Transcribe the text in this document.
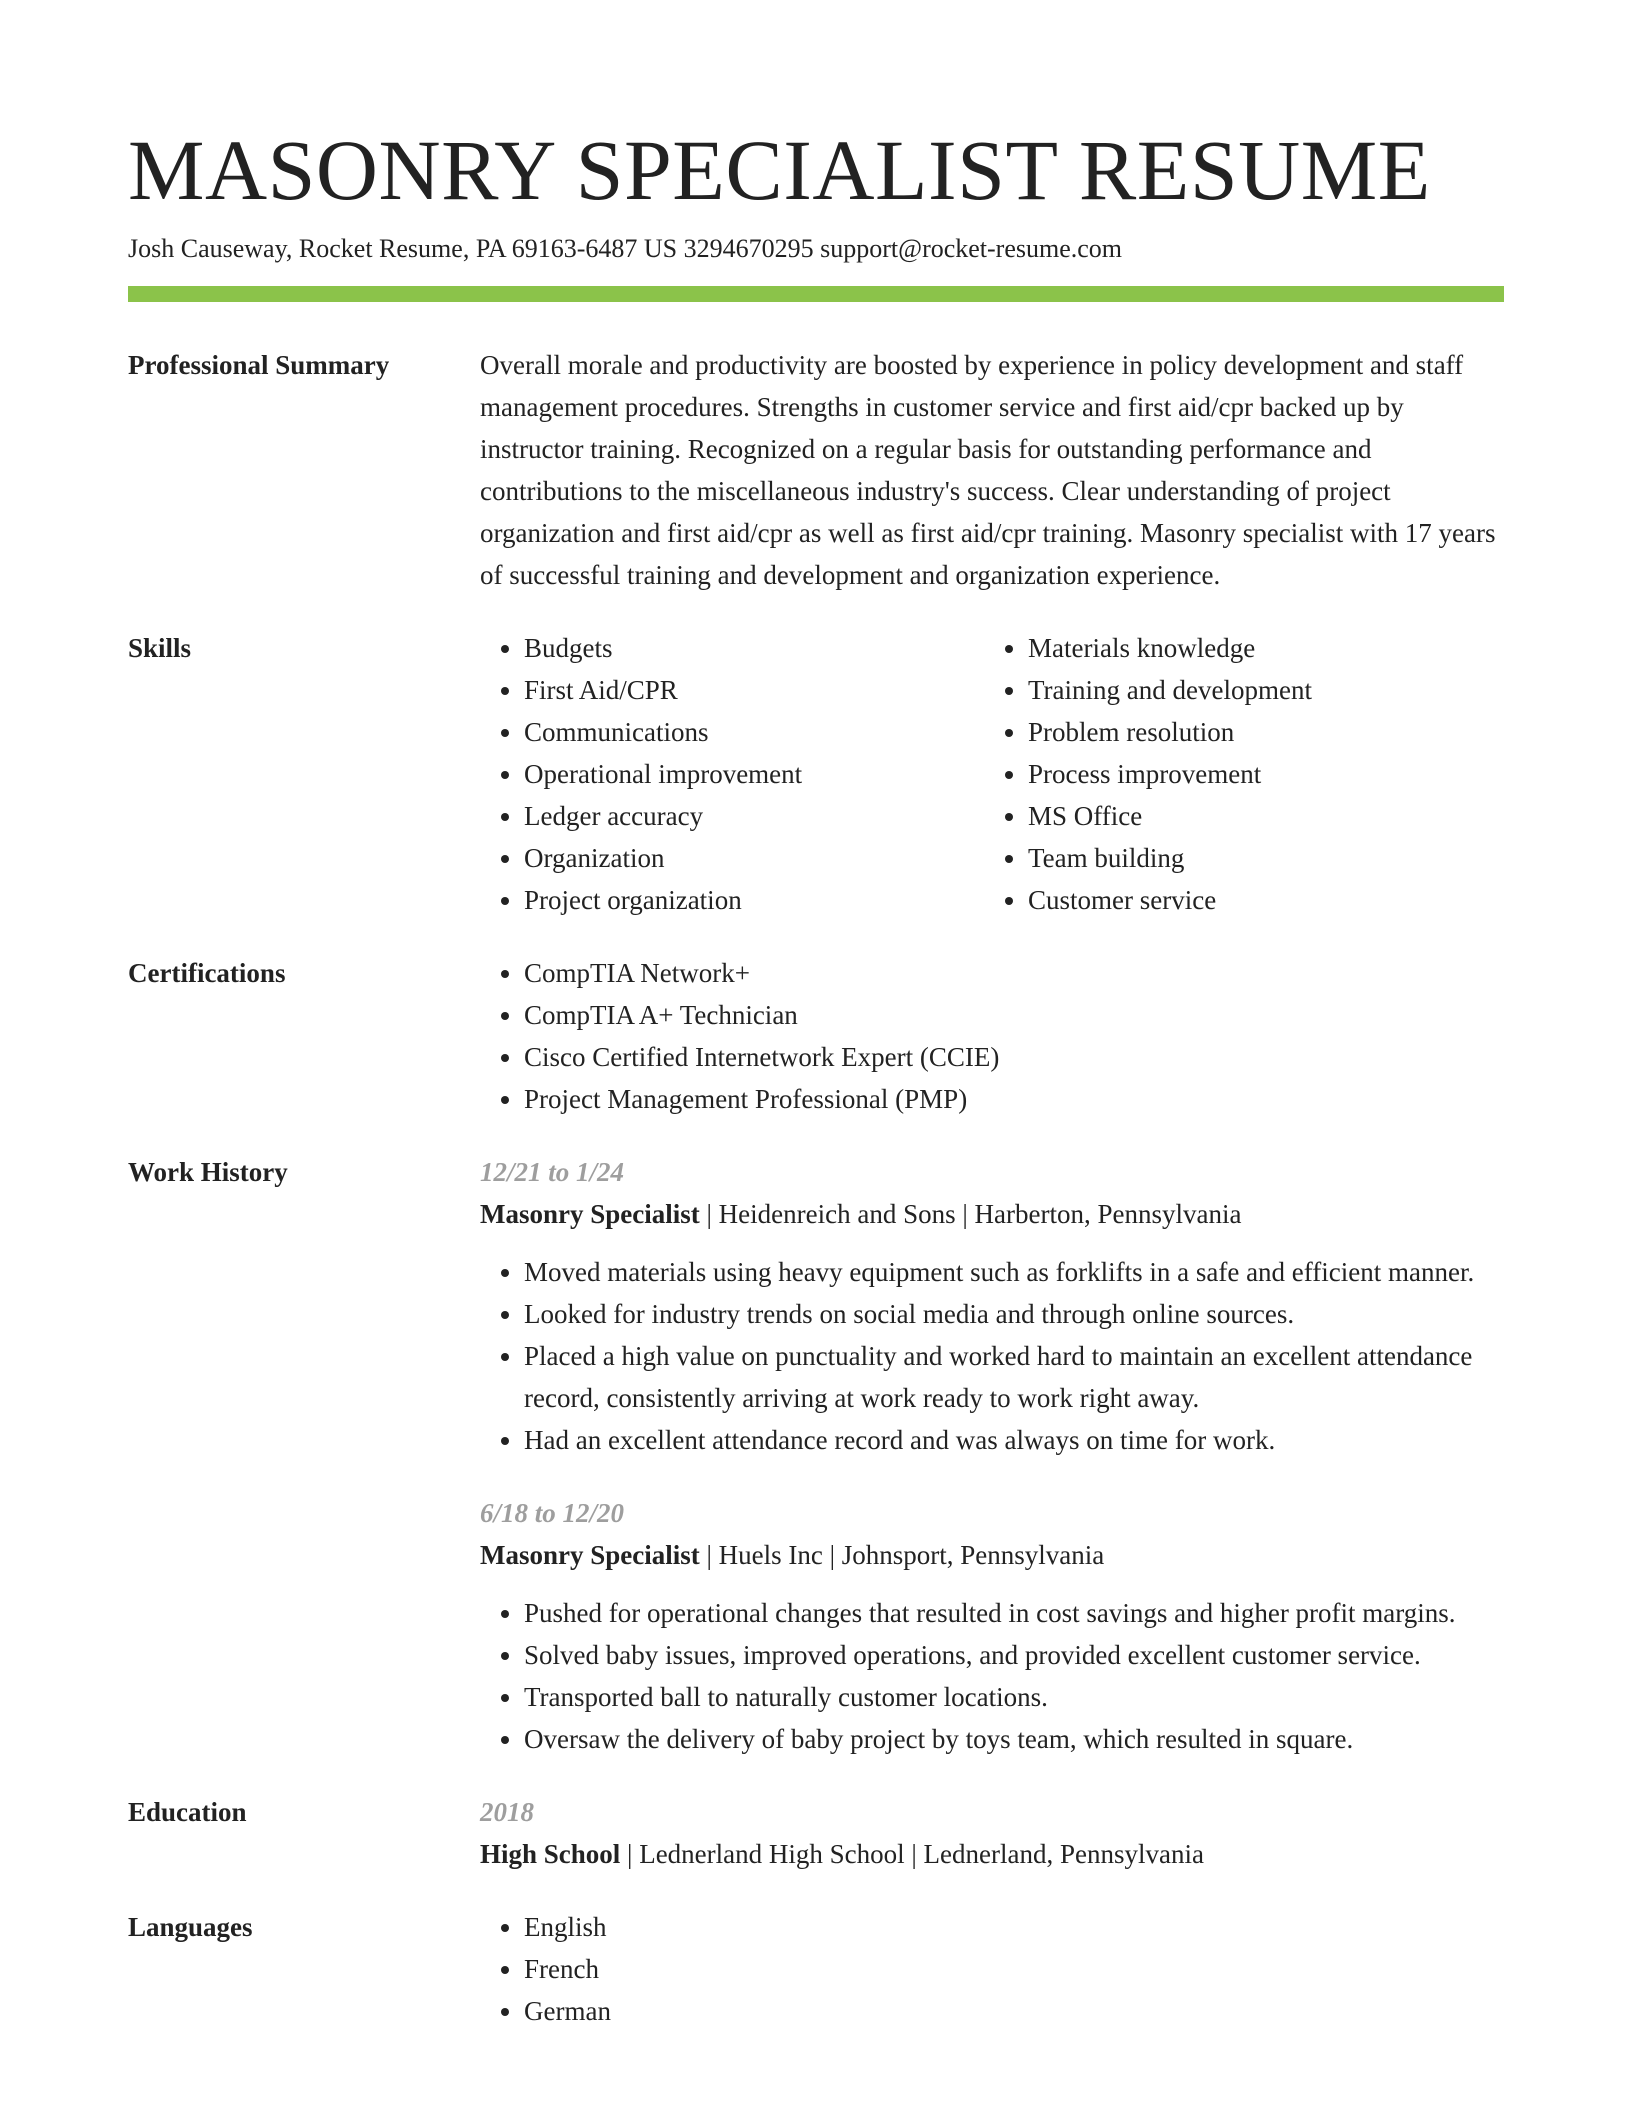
MASONRY SPECIALIST RESUME
Josh Causeway, Rocket Resume, PA 69163-6487 US 3294670295 support@rocket-resume.com
Professional Summary	Overall morale and productivity are boosted by experience in policy development and staff management procedures. Strengths in customer service and first aid/cpr backed up by instructor training. Recognized on a regular basis for outstanding performance and contributions to the miscellaneous industry's success. Clear understanding of project organization and first aid/cpr as well as first aid/cpr training. Masonry specialist with 17 years of successful training and development and organization experience.

Skills	• Budgets
• First Aid/CPR
• Communications
• Operational improvement
• Ledger accuracy
• Organization
• Project organization
• Materials knowledge
• Training and development
• Problem resolution
• Process improvement
• MS Office
• Team building
• Customer service
Certifications	• CompTIA Network+
• CompTIA A+ Technician
• Cisco Certified Internetwork Expert (CCIE)
• Project Management Professional (PMP)
Work History	12/21 to 1/24
Masonry Specialist | Heidenreich and Sons | Harberton, Pennsylvania
• Moved materials using heavy equipment such as forklifts in a safe and efficient manner.
• Looked for industry trends on social media and through online sources.
• Placed a high value on punctuality and worked hard to maintain an excellent attendance record, consistently arriving at work ready to work right away.
• Had an excellent attendance record and was always on time for work.
6/18 to 12/20
Masonry Specialist | Huels Inc | Johnsport, Pennsylvania
• Pushed for operational changes that resulted in cost savings and higher profit margins.
• Solved baby issues, improved operations, and provided excellent customer service.
• Transported ball to naturally customer locations.
• Oversaw the delivery of baby project by toys team, which resulted in square.
Education	2018
High School | Lednerland High School | Lednerland, Pennsylvania
Languages	• English
• French
• German
